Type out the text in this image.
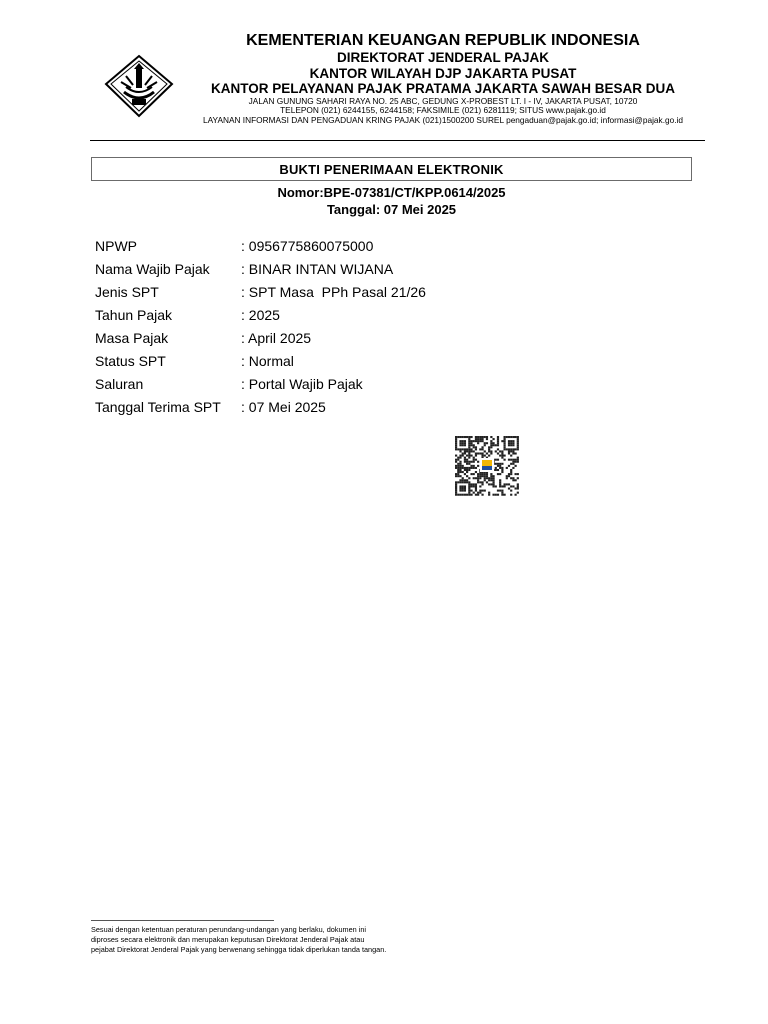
KEMENTERIAN KEUANGAN REPUBLIK INDONESIA
DIREKTORAT JENDERAL PAJAK
KANTOR WILAYAH DJP JAKARTA PUSAT
KANTOR PELAYANAN PAJAK PRATAMA JAKARTA SAWAH BESAR DUA
JALAN GUNUNG SAHARI RAYA NO. 25 ABC, GEDUNG X-PROBEST LT. I - IV, JAKARTA PUSAT, 10720
TELEPON (021) 6244155, 6244158; FAKSIMILE (021) 6281119; SITUS www.pajak.go.id
LAYANAN INFORMASI DAN PENGADUAN KRING PAJAK (021)1500200 SUREL pengaduan@pajak.go.id; informasi@pajak.go.id
BUKTI PENERIMAAN ELEKTRONIK
Nomor:BPE-07381/CT/KPP.0614/2025
Tanggal: 07 Mei 2025
NPWP	: 0956775860075000
Nama Wajib Pajak	: BINAR INTAN WIJANA
Jenis SPT	: SPT Masa  PPh Pasal 21/26
Tahun Pajak	: 2025
Masa Pajak	: April 2025
Status SPT	: Normal
Saluran	: Portal Wajib Pajak
Tanggal Terima SPT	: 07 Mei 2025
Sesuai dengan ketentuan peraturan perundang-undangan yang berlaku, dokumen ini
diproses secara elektronik dan merupakan keputusan Direktorat Jenderal Pajak atau
pejabat Direktorat Jenderal Pajak yang berwenang sehingga tidak diperlukan tanda tangan.
